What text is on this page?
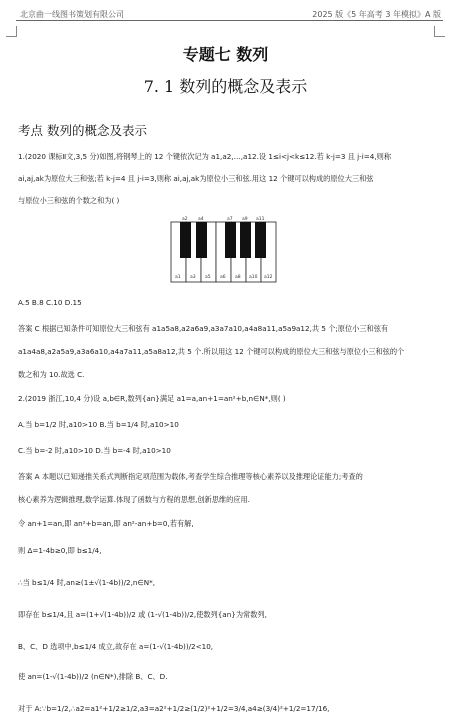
北京曲一线图书策划有限公司	2025 版《5 年高考 3 年模拟》A 版
专题七 数列
7. 1 数列的概念及表示
考点 数列的概念及表示
1.(2020 课标Ⅱ文,3,5 分)如图,将钢琴上的 12 个键依次记为 a1,a2,…,a12.设 1≤i<j<k≤12.若 k-j=3 且 j-i=4,则称
ai,aj,ak为原位大三和弦;若 k-j=4 且 j-i=3,则称 ai,aj,ak为原位小三和弦.用这 12 个键可以构成的原位大三和弦
与原位小三和弦的个数之和为( )
a2 a4	a7 a9 a11
a1 a3 a5 a6 a8 a10 a12
A.5 B.8 C.10 D.15
答案 C 根据已知条件可知原位大三和弦有 a1a5a8,a2a6a9,a3a7a10,a4a8a11,a5a9a12,共 5 个;原位小三和弦有
a1a4a8,a2a5a9,a3a6a10,a4a7a11,a5a8a12,共 5 个.所以用这 12 个键可以构成的原位大三和弦与原位小三和弦的个
数之和为 10.故选 C.
2.(2019 浙江,10,4 分)设 a,b∈R,数列{an}满足 a1=a,an+1=an²+b,n∈N*,则( )
A.当 b=1/2 时,a10>10 B.当 b=1/4 时,a10>10
C.当 b=-2 时,a10>10 D.当 b=-4 时,a10>10
答案 A 本题以已知递推关系式判断指定项范围为载体,考查学生综合推理等核心素养以及推理论证能力;考查的
核心素养为逻辑推理,数学运算.体现了函数与方程的思想,创新思维的应用.
令 an+1=an,即 an²+b=an,即 an²-an+b=0,若有解,
则 Δ=1-4b≥0,即 b≤1/4,
∴当 b≤1/4 时,an≥(1±√(1-4b))/2,n∈N*,
即存在 b≤1/4,且 a=(1+√(1-4b))/2 或 (1-√(1-4b))/2,使数列{an}为常数列,
B、C、D 选项中,b≤1/4 成立,故存在 a=(1-√(1-4b))/2<10,
使 an=(1-√(1-4b))/2 (n∈N*),排除 B、C、D.
对于 A:∵b=1/2,∴a2=a1²+1/2≥1/2,a3=a2²+1/2≥(1/2)²+1/2=3/4,a4≥(3/4)²+1/2=17/16,
